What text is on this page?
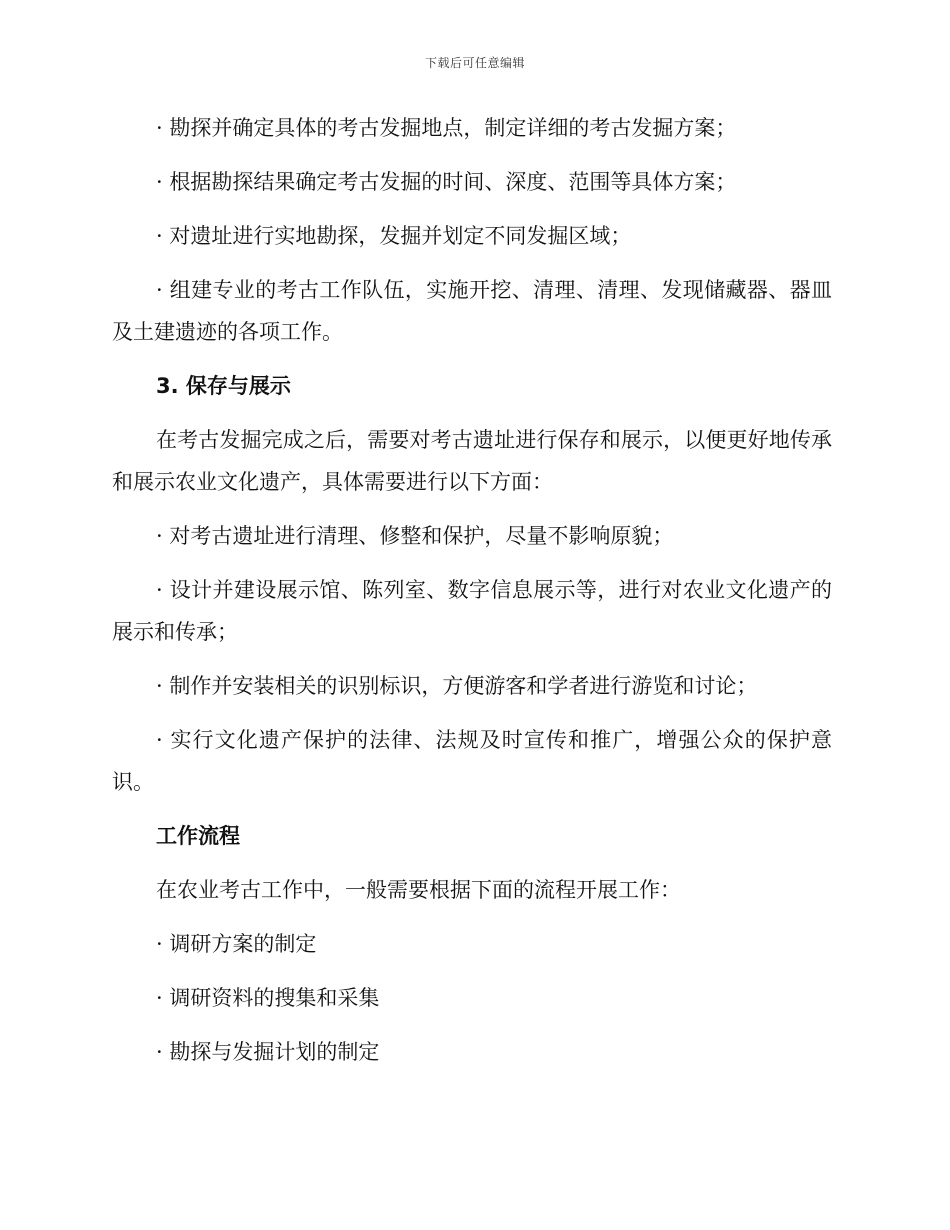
下载后可任意编辑

· 勘探并确定具体的考古发掘地点，制定详细的考古发掘方案；

· 根据勘探结果确定考古发掘的时间、深度、范围等具体方案；

· 对遗址进行实地勘探，发掘并划定不同发掘区域；

· 组建专业的考古工作队伍，实施开挖、清理、清理、发现储藏器、器皿及土建遗迹的各项工作。

3. 保存与展示

在考古发掘完成之后，需要对考古遗址进行保存和展示，以便更好地传承和展示农业文化遗产，具体需要进行以下方面：

· 对考古遗址进行清理、修整和保护，尽量不影响原貌；

· 设计并建设展示馆、陈列室、数字信息展示等，进行对农业文化遗产的展示和传承；

· 制作并安装相关的识别标识，方便游客和学者进行游览和讨论；

· 实行文化遗产保护的法律、法规及时宣传和推广，增强公众的保护意识。

工作流程

在农业考古工作中，一般需要根据下面的流程开展工作：

· 调研方案的制定

· 调研资料的搜集和采集

· 勘探与发掘计划的制定
